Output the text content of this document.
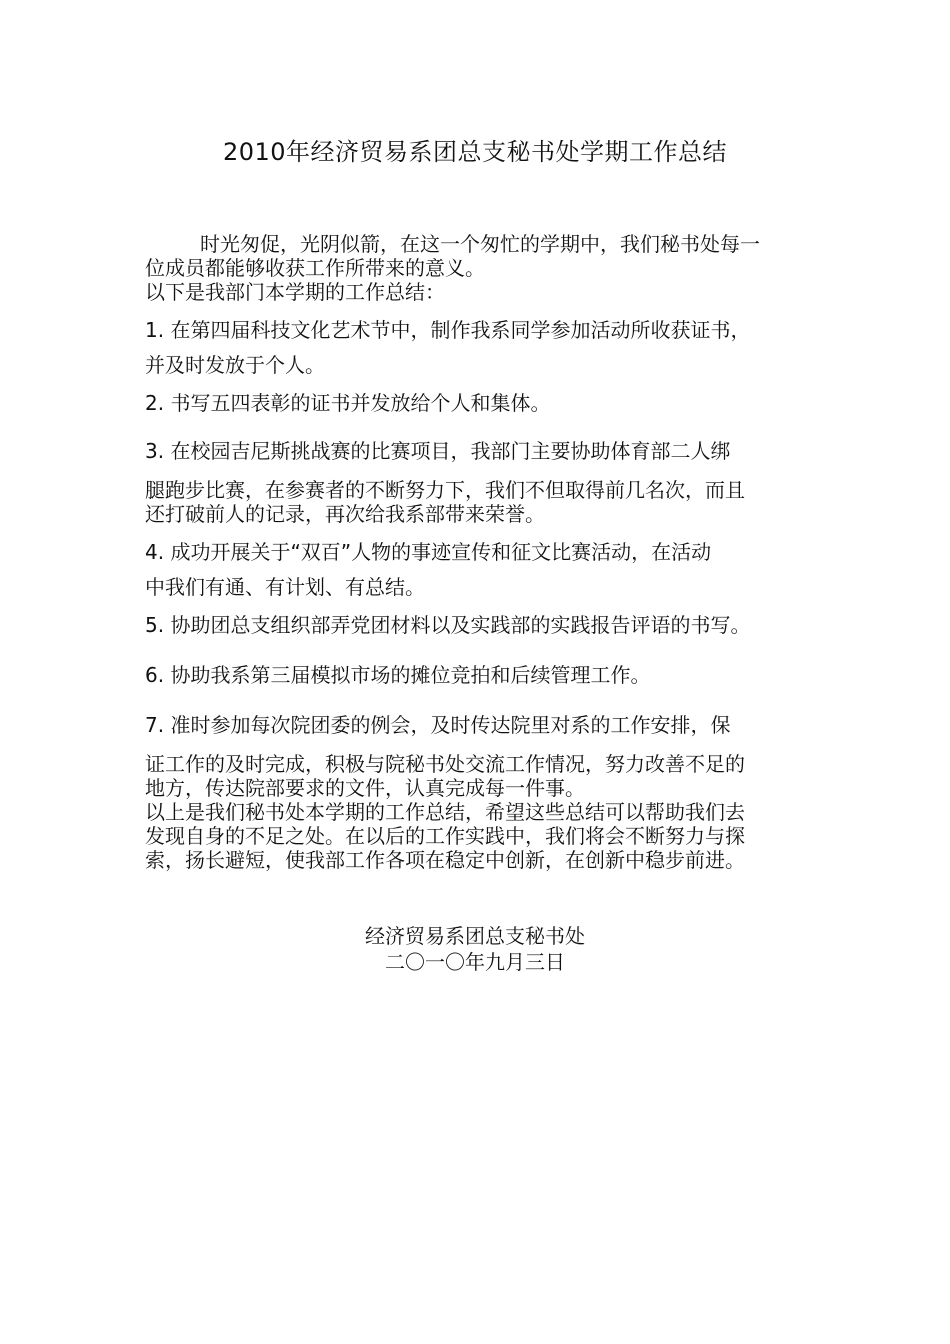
2010年经济贸易系团总支秘书处学期工作总结
时光匆促，光阴似箭，在这一个匆忙的学期中，我们秘书处每一
位成员都能够收获工作所带来的意义。
以下是我部门本学期的工作总结：
1. 在第四届科技文化艺术节中，制作我系同学参加活动所收获证书，
并及时发放于个人。
2. 书写五四表彰的证书并发放给个人和集体。
3. 在校园吉尼斯挑战赛的比赛项目，我部门主要协助体育部二人绑
腿跑步比赛，在参赛者的不断努力下，我们不但取得前几名次，而且
还打破前人的记录，再次给我系部带来荣誉。
4. 成功开展关于“双百”人物的事迹宣传和征文比赛活动，在活动
中我们有通、有计划、有总结。
5. 协助团总支组织部弄党团材料以及实践部的实践报告评语的书写。
6. 协助我系第三届模拟市场的摊位竞拍和后续管理工作。
7. 准时参加每次院团委的例会，及时传达院里对系的工作安排，保
证工作的及时完成，积极与院秘书处交流工作情况，努力改善不足的
地方，传达院部要求的文件，认真完成每一件事。
以上是我们秘书处本学期的工作总结，希望这些总结可以帮助我们去
发现自身的不足之处。在以后的工作实践中，我们将会不断努力与探
索，扬长避短，使我部工作各项在稳定中创新，在创新中稳步前进。
经济贸易系团总支秘书处
二〇一〇年九月三日
